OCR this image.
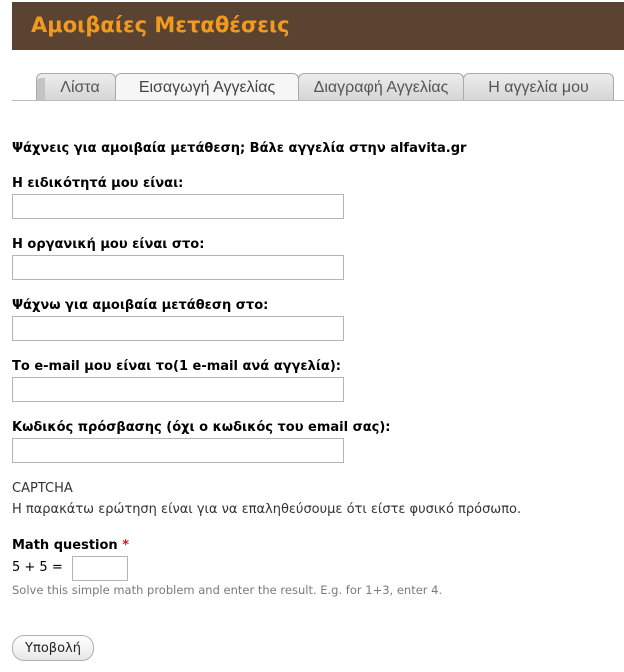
Αμοιβαίες Μεταθέσεις
Λίστα	Εισαγωγή Αγγελίας	Διαγραφή Αγγελίας	Η αγγελία μου
Ψάχνεις για αμοιβαία μετάθεση; Βάλε αγγελία στην alfavita.gr
Η ειδικότητά μου είναι:
Η οργανική μου είναι στο:
Ψάχνω για αμοιβαία μετάθεση στο:
Το e-mail μου είναι το(1 e-mail ανά αγγελία):
Κωδικός πρόσβασης (όχι ο κωδικός του email σας):
CAPTCHA
Η παρακάτω ερώτηση είναι για να επαληθεύσουμε ότι είστε φυσικό πρόσωπο.
Math question *
5 + 5 =
Solve this simple math problem and enter the result. E.g. for 1+3, enter 4.
Υποβολή
